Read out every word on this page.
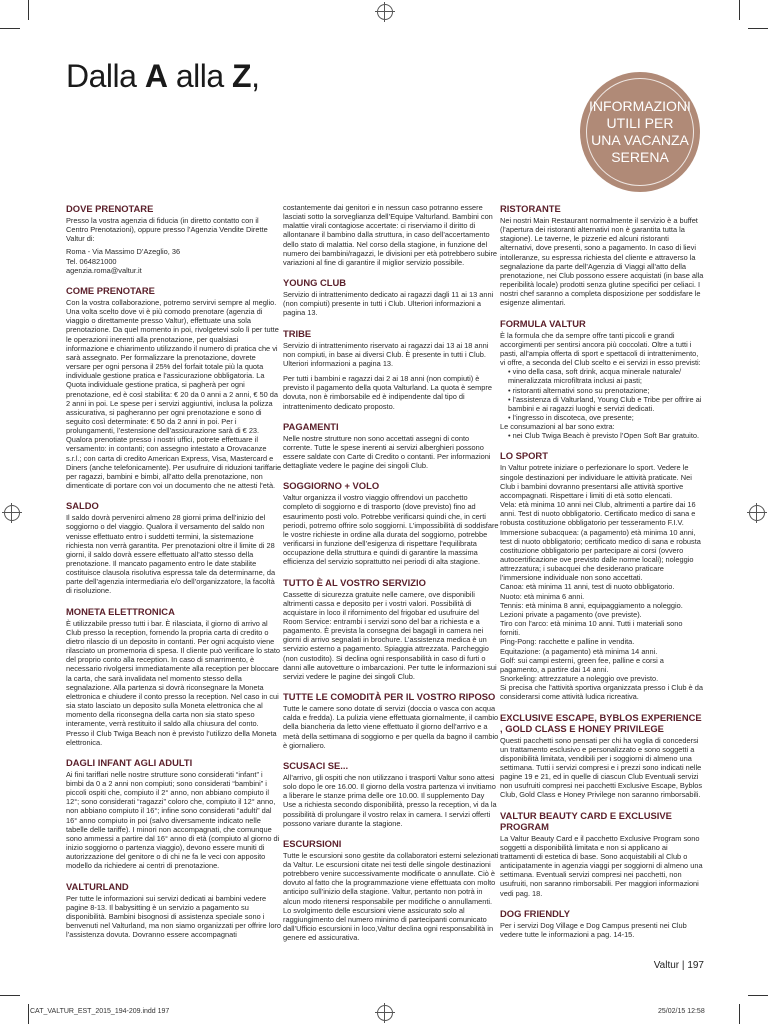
Dalla A alla Z,
INFORMAZIONI
UTILI PER
UNA VACANZA
SERENA
DOVE PRENOTARE

Presso la vostra agenzia di fiducia (in diretto contatto con il Centro Prenotazioni), oppure presso l’Agenzia Vendite Dirette Valtur di:

Roma - Via Massimo D’Azeglio, 36

Tel. 064821000

agenzia.roma@valtur.it

COME PRENOTARE

Con la vostra collaborazione, potremo servirvi sempre al meglio. Una volta scelto dove vi è più comodo prenotare (agenzia di viaggio o direttamente presso Valtur), effettuate una sola prenotazione. Da quel momento in poi, rivolgetevi solo lì per tutte le operazioni inerenti alla prenotazione, per qualsiasi informazione e chiarimento utilizzando il numero di pratica che vi sarà assegnato. Per formalizzare la prenotazione, dovrete versare per ogni persona il 25% del forfait totale più la quota individuale gestione pratica e l’assicurazione obbligatoria. La Quota individuale gestione pratica, si pagherà per ogni prenotazione, ed è così stabilita: € 20 da 0 anni a 2 anni, € 50 da 2 anni in poi. Le spese per i servizi aggiuntivi, inclusa la polizza assicurativa, si pagheranno per ogni prenotazione e sono di seguito così determinate: € 50 da 2 anni in poi. Per i prolungamenti, l’estensione dell’assicurazione sarà di € 23. Qualora prenotiate presso i nostri uffici, potrete effettuare il versamento: in contanti; con assegno intestato a Orovacanze s.r.l.; con carta di credito American Express, Visa, Mastercard e Diners (anche telefonicamente). Per usufruire di riduzioni tariffarie per ragazzi, bambini e bimbi, all’atto della prenotazione, non dimenticate di portare con voi un documento che ne attesti l’età.

SALDO

Il saldo dovrà pervenirci almeno 28 giorni prima dell’inizio del soggiorno o del viaggio. Qualora il versamento del saldo non venisse effettuato entro i suddetti termini, la sistemazione richiesta non verrà garantita. Per prenotazioni oltre il limite di 28 giorni, il saldo dovrà essere effettuato all’atto stesso della prenotazione. Il mancato pagamento entro le date stabilite costituisce clausola risolutiva espressa tale da determinarne, da parte dell’agenzia intermediaria e/o dell’organizzatore, la facoltà di risoluzione.

MONETA ELETTRONICA

È utilizzabile presso tutti i bar. È rilasciata, il giorno di arrivo al Club presso la reception, fornendo la propria carta di credito o dietro rilascio di un deposito in contanti. Per ogni acquisto viene rilasciato un promemoria di spesa. Il cliente può verificare lo stato del proprio conto alla reception. In caso di smarrimento, è necessario rivolgersi immediatamente alla reception per bloccare la carta, che sarà invalidata nel momento stesso della segnalazione. Alla partenza si dovrà riconsegnare la Moneta elettronica e chiudere il conto presso la reception. Nel caso in cui sia stato lasciato un deposito sulla Moneta elettronica che al momento della riconsegna della carta non sia stato speso interamente, verrà restituito il saldo alla chiusura del conto. Presso il Club Twiga Beach non è previsto l’utilizzo della Moneta elettronica.

DAGLI INFANT AGLI ADULTI

Ai fini tariffari nelle nostre strutture sono considerati “infant” i bimbi da 0 a 2 anni non compiuti; sono considerati “bambini” i piccoli ospiti che, compiuto il 2° anno, non abbiano compiuto il 12°; sono considerati “ragazzi” coloro che, compiuto il 12° anno, non abbiano compiuto il 16°; infine sono considerati “adulti” dal 16° anno compiuto in poi (salvo diversamente indicato nelle tabelle delle tariffe). I minori non accompagnati, che comunque sono ammessi a partire dal 16° anno di età (compiuto al giorno di inizio soggiorno o partenza viaggio), devono essere muniti di autorizzazione del genitore o di chi ne fa le veci con apposito modello da richiedere ai centri di prenotazione.

VALTURLAND

Per tutte le informazioni sui servizi dedicati ai bambini vedere pagine 8-13. Il babysitting è un servizio a pagamento su disponibilità. Bambini bisognosi di assistenza speciale sono i benvenuti nel Valturland, ma non siamo organizzati per offrire loro l’assistenza dovuta. Dovranno essere accompagnati

costantemente dai genitori e in nessun caso potranno essere lasciati sotto la sorveglianza dell’Equipe Valturland. Bambini con malattie virali contagiose accertate: ci riserviamo il diritto di allontanare il bambino dalla struttura, in caso dell’accertamento dello stato di malattia. Nel corso della stagione, in funzione del numero dei bambini/ragazzi, le divisioni per età potrebbero subire variazioni al fine di garantire il miglior servizio possibile.

YOUNG CLUB

Servizio di intrattenimento dedicato ai ragazzi dagli 11 ai 13 anni (non compiuti) presente in tutti i Club. Ulteriori informazioni a pagina 13.

TRIBE

Servizio di intrattenimento riservato ai ragazzi dai 13 ai 18 anni non compiuti, in base ai diversi Club. È presente in tutti i Club. Ulteriori informazioni a pagina 13.

Per tutti i bambini e ragazzi dai 2 ai 18 anni (non compiuti) è previsto il pagamento della quota Valturland. La quota è sempre dovuta, non è rimborsabile ed è indipendente dal tipo di intrattenimento dedicato proposto.

PAGAMENTI

Nelle nostre strutture non sono accettati assegni di conto corrente. Tutte le spese inerenti ai servizi alberghieri possono essere saldate con Carte di Credito o contanti. Per informazioni dettagliate vedere le pagine dei singoli Club.

SOGGIORNO + VOLO

Valtur organizza il vostro viaggio offrendovi un pacchetto completo di soggiorno e di trasporto (dove previsto) fino ad esaurimento posti volo. Potrebbe verificarsi quindi che, in certi periodi, potremo offrire solo soggiorni. L’impossibilità di soddisfare le vostre richieste in ordine alla durata del soggiorno, potrebbe verificarsi in funzione dell’esigenza di rispettare l’equilibrata occupazione della struttura e quindi di garantire la massima efficienza del servizio soprattutto nei periodi di alta stagione.

TUTTO È AL VOSTRO SERVIZIO

Cassette di sicurezza gratuite nelle camere, ove disponibili altrimenti cassa e deposito per i vostri valori. Possibilità di acquistare in loco il rifornimento del frigobar ed usufruire del Room Service: entrambi i servizi sono del bar a richiesta e a pagamento. È prevista la consegna dei bagagli in camera nei giorni di arrivo segnalati in brochure. L’assistenza medica è un servizio esterno a pagamento. Spiaggia attrezzata. Parcheggio (non custodito). Si declina ogni responsabilità in caso di furti o danni alle autovetture o imbarcazioni. Per tutte le informazioni sui servizi vedere le pagine dei singoli Club.

TUTTE LE COMODITÀ PER IL VOSTRO RIPOSO

Tutte le camere sono dotate di servizi (doccia o vasca con acqua calda e fredda). La pulizia viene effettuata giornalmente, il cambio della biancheria da letto viene effettuato il giorno dell’arrivo e a metà della settimana di soggiorno e per quella da bagno il cambio è giornaliero.

SCUSACI SE...

All’arrivo, gli ospiti che non utilizzano i trasporti Valtur sono attesi solo dopo le ore 16.00. Il giorno della vostra partenza vi invitiamo a liberare le stanze prima delle ore 10.00. Il supplemento Day Use a richiesta secondo disponibilità, presso la reception, vi da la possibilità di prolungare il vostro relax in camera. I servizi offerti possono variare durante la stagione.

ESCURSIONI

Tutte le escursioni sono gestite da collaboratori esterni selezionati da Valtur. Le escursioni citate nei testi delle singole destinazioni potrebbero venire successivamente modificate o annullate. Ciò è dovuto al fatto che la programmazione viene effettuata con molto anticipo sull’inizio della stagione. Valtur, pertanto non potrà in alcun modo ritenersi responsabile per modifiche o annullamenti. Lo svolgimento delle escursioni viene assicurato solo al raggiungimento del numero minimo di partecipanti comunicato dall’Ufficio escursioni in loco,Valtur declina ogni responsabilità in genere ed assicurativa.

RISTORANTE

Nei nostri Main Restaurant normalmente il servizio è a buffet (l’apertura dei ristoranti alternativi non è garantita tutta la stagione). Le taverne, le pizzerie ed alcuni ristoranti alternativi, dove presenti, sono a pagamento. In caso di lievi intolleranze, su espressa richiesta del cliente e attraverso la segnalazione da parte dell’Agenzia di Viaggi all’atto della prenotazione, nei Club possono essere acquistati (in base alla reperibilità locale) prodotti senza glutine specifici per celiaci. I nostri chef saranno a completa disposizione per soddisfare le esigenze alimentari.

FORMULA VALTUR

È la formula che da sempre offre tanti piccoli e grandi accorgimenti per sentirsi ancora più coccolati. Oltre a tutti i pasti, all’ampia offerta di sport e spettacoli di intrattenimento, vi offre, a seconda del Club scelto e ei servizi in esso previsti:

• vino della casa, soft drink, acqua minerale naturale/ mineralizzata microfiltrata inclusi ai pasti;
• ristoranti alternativi sono su prenotazione;
• l’assistenza di Valturland, Young Club e Tribe per offrire ai bambini e ai ragazzi luoghi e servizi dedicati.
• l’ingresso in discoteca, ove presente;

Le consumazioni al bar sono extra:

• nei Club Twiga Beach è previsto l’Open Soft Bar gratuito.
LO SPORT

In Valtur potrete iniziare o perfezionare lo sport. Vedere le singole destinazioni per individuare le attività praticate. Nei Club i bambini dovranno presentarsi alle attività sportive accompagnati. Rispettare i limiti di età sotto elencati.

Vela: età minima 10 anni nei Club, altrimenti a partire dai 16 anni. Test di nuoto obbligatorio. Certificato medico di sana e robusta costituzione obbligatorio per tesseramento F.I.V.

Immersione subacquea: (a pagamento) età minima 10 anni, test di nuoto obbligatorio; certificato medico di sana e robusta costituzione obbligatorio per partecipare ai corsi (ovvero autocertificazione ove previsto dalle norme locali); noleggio attrezzatura; i subacquei che desiderano praticare l’immersione individuale non sono accettati.

Canoa: età minima 11 anni, test di nuoto obbligatorio.

Nuoto: età minima 6 anni.

Tennis: età minima 8 anni, equipaggiamento a noleggio. Lezioni private a pagamento (ove previste).

Tiro con l’arco: età minima 10 anni. Tutti i materiali sono forniti.

Ping-Pong: racchette e palline in vendita.

Equitazione: (a pagamento) età minima 14 anni.

Golf: sui campi esterni, green fee, palline e corsi a pagamento, a partire dai 14 anni.

Snorkeling: attrezzature a noleggio ove previsto.

Si precisa che l’attività sportiva organizzata presso i Club è da considerarsi come attività ludica ricreativa.

EXCLUSIVE ESCAPE, BYBLOS EXPERIENCE , GOLD CLASS E HONEY PRIVILEGE

Questi pacchetti sono pensati per chi ha voglia di concedersi un trattamento esclusivo e personalizzato e sono soggetti a disponibilità limitata, vendibili per i soggiorni di almeno una settimana. Tutti i servizi compresi e i prezzi sono indicati nelle pagine 19 e 21, ed in quelle di ciascun Club Eventuali servizi non usufruiti compresi nei pacchetti Exclusive Escape, Byblos Club, Gold Class e Honey Privilege non saranno rimborsabili.

VALTUR BEAUTY CARD E EXCLUSIVE PROGRAM

La Valtur Beauty Card e il pacchetto Exclusive Program sono soggetti a disponibilità limitata e non si applicano ai trattamenti di estetica di base. Sono acquistabili al Club o anticipatamente in agenzia viaggi per soggiorni di almeno una settimana. Eventuali servizi compresi nei pacchetti, non usufruiti, non saranno rimborsabili. Per maggiori informazioni vedi pag. 18.

DOG FRIENDLY

Per i servizi Dog Village e Dog Campus presenti nei Club vedere tutte le informazioni a pag. 14-15.

Valtur | 197
CAT_VALTUR_EST_2015_194-209.indd 197	25/02/15 12:58
